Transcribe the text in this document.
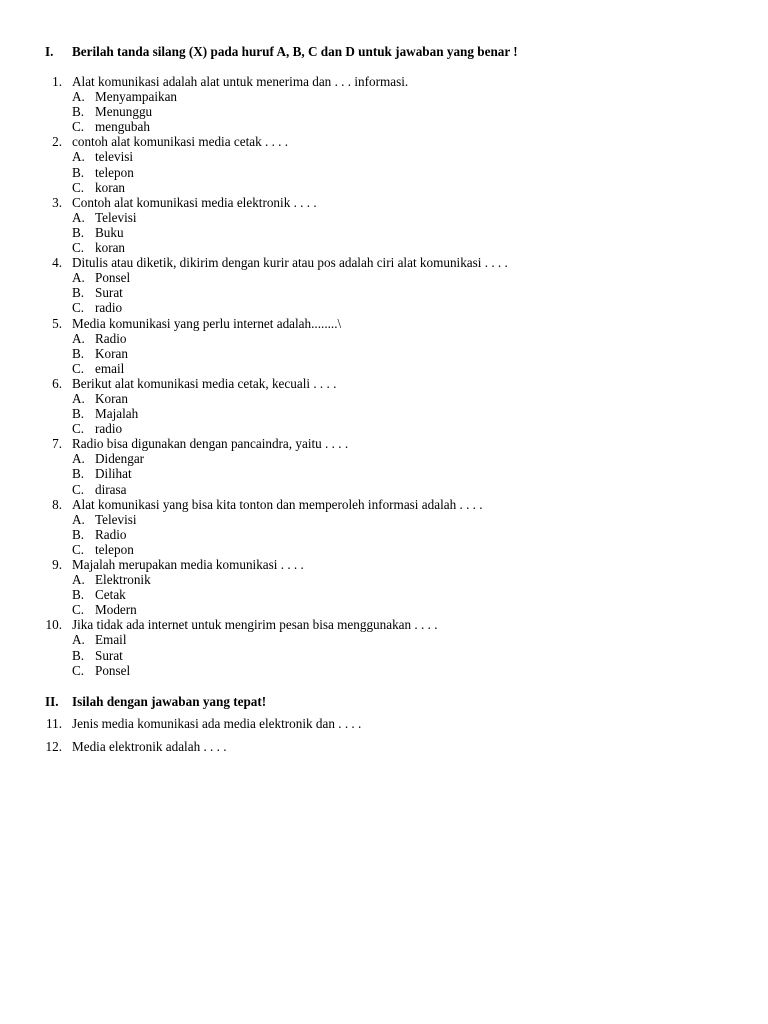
I. Berilah tanda silang (X) pada huruf A, B, C dan D untuk jawaban yang benar !
1. Alat komunikasi adalah alat untuk menerima dan . . . informasi.
A. Menyampaikan
B. Menunggu
C. mengubah
2. contoh alat komunikasi media cetak . . . .
A. televisi
B. telepon
C. koran
3. Contoh alat komunikasi media elektronik . . . .
A. Televisi
B. Buku
C. koran
4. Ditulis atau diketik, dikirim dengan kurir atau pos adalah ciri alat komunikasi . . . .
A. Ponsel
B. Surat
C. radio
5. Media komunikasi yang perlu internet adalah........\
A. Radio
B. Koran
C. email
6. Berikut alat komunikasi media cetak, kecuali . . . .
A. Koran
B. Majalah
C. radio
7. Radio bisa digunakan dengan pancaindra, yaitu . . . .
A. Didengar
B. Dilihat
C. dirasa
8. Alat komunikasi yang bisa kita tonton dan memperoleh informasi adalah . . . .
A. Televisi
B. Radio
C. telepon
9. Majalah merupakan media komunikasi . . . .
A. Elektronik
B. Cetak
C. Modern
10. Jika tidak ada internet untuk mengirim pesan bisa menggunakan . . . .
A. Email
B. Surat
C. Ponsel
II. Isilah dengan jawaban yang tepat!
11. Jenis media komunikasi ada media elektronik dan . . . .
12. Media elektronik adalah . . . .
